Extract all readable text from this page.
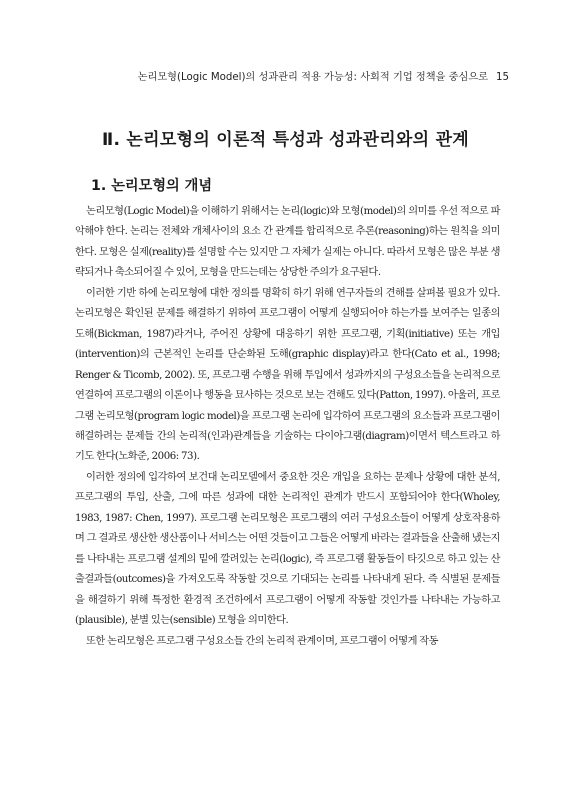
논리모형(Logic Model)의 성과관리 적용 가능성: 사회적 기업 정책을 중심으로 15
Ⅱ. 논리모형의 이론적 특성과 성과관리와의 관계
1. 논리모형의 개념

논리모형(Logic Model)을 이해하기 위해서는 논리(logic)와 모형(model)의 의미를 우선 적으로 파악해야 한다. 논리는 전체와 개체사이의 요소 간 관계를 합리적으로 추론(reasoning)하는 원칙을 의미한다. 모형은 실제(reality)를 설명할 수는 있지만 그 자체가 실제는 아니다. 따라서 모형은 많은 부분 생략되거나 축소되어질 수 있어, 모형을 만드는데는 상당한 주의가 요구된다.

이러한 기반 하에 논리모형에 대한 정의를 명확히 하기 위해 연구자들의 견해를 살펴볼 필요가 있다. 논리모형은 확인된 문제를 해결하기 위하여 프로그램이 어떻게 실행되어야 하는가를 보여주는 일종의 도해(Bickman, 1987)라거나, 주어진 상황에 대응하기 위한 프로그램, 기획(initiative) 또는 개입(intervention)의 근본적인 논리를 단순화된 도해(graphic display)라고 한다(Cato et al., 1998; Renger & Ticomb, 2002). 또, 프로그램 수행을 위해 투입에서 성과까지의 구성요소들을 논리적으로 연결하여 프로그램의 이론이나 행동을 묘사하는 것으로 보는 견해도 있다(Patton, 1997). 아울러, 프로그램 논리모형(program logic model)을 프로그램 논리에 입각하여 프로그램의 요소들과 프로그램이 해결하려는 문제들 간의 논리적(인과)관계들을 기술하는 다이아그램(diagram)이면서 텍스트라고 하기도 한다(노화준, 2006: 73).

이러한 정의에 입각하여 보건대 논리모델에서 중요한 것은 개입을 요하는 문제나 상황에 대한 분석, 프로그램의 투입, 산출, 그에 따른 성과에 대한 논리적인 관계가 반드시 포함되어야 한다(Wholey, 1983, 1987: Chen, 1997). 프로그램 논리모형은 프로그램의 여러 구성요소들이 어떻게 상호작용하며 그 결과로 생산한 생산품이나 서비스는 어떤 것들이고 그들은 어떻게 바라는 결과들을 산출해 냈는지를 나타내는 프로그램 설계의 밑에 깔려있는 논리(logic), 즉 프로그램 활동들이 타깃으로 하고 있는 산출결과들(outcomes)을 가져오도록 작동할 것으로 기대되는 논리를 나타내게 된다. 즉 식별된 문제들을 해결하기 위해 특정한 환경적 조건하에서 프로그램이 어떻게 작동할 것인가를 나타내는 가능하고(plausible), 분별 있는(sensible) 모형을 의미한다.

또한 논리모형은 프로그램 구성요소들 간의 논리적 관계이며, 프로그램이 어떻게 작동
